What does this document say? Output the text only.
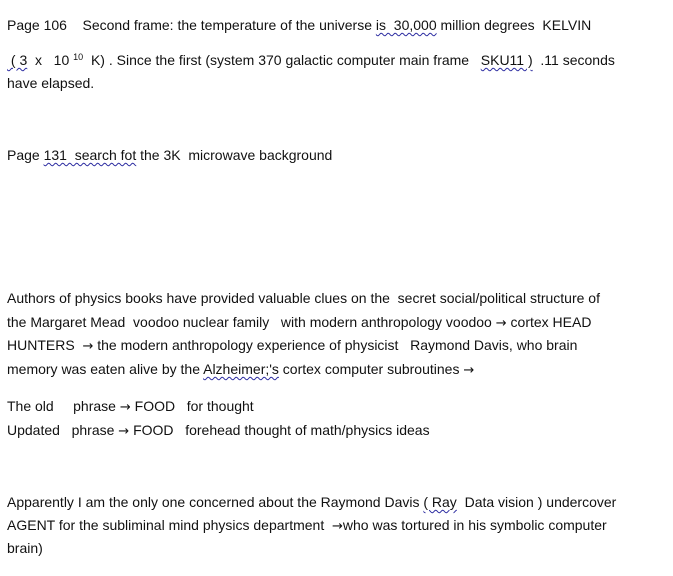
Page 106    Second frame: the temperature of the universe is  30,000 million degrees  KELVIN
( 3  x   10 $^{10}$  K) . Since the first (system 370 galactic computer main frame   SKU11 )  .11 seconds
have elapsed.
Page 131  search fot the 3K  microwave background
Authors of physics books have provided valuable clues on the  secret social/political structure of
the Margaret Mead  voodoo nuclear family   with modern anthropology voodoo → cortex HEAD
HUNTERS  → the modern anthropology experience of physicist   Raymond Davis, who brain
memory was eaten alive by the Alzheimer;'s cortex computer subroutines →
The old     phrase → FOOD   for thought
Updated   phrase → FOOD   forehead thought of math/physics ideas
Apparently I am the only one concerned about the Raymond Davis ( Ray  Data vision ) undercover
AGENT for the subliminal mind physics department  →who was tortured in his symbolic computer
brain)
